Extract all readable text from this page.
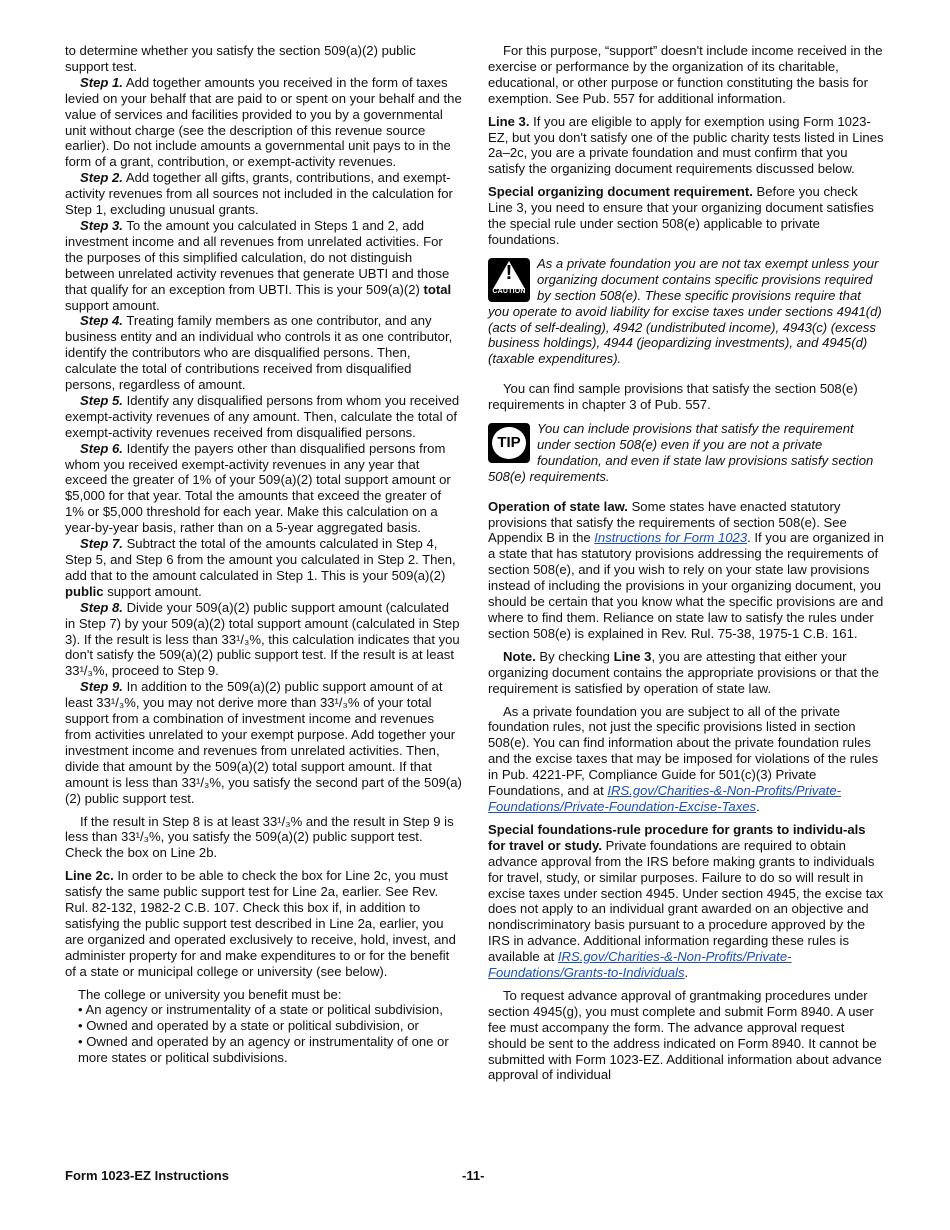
to determine whether you satisfy the section 509(a)(2) public support test.

Step 1. Add together amounts you received in the form of taxes levied on your behalf that are paid to or spent on your behalf and the value of services and facilities provided to you by a governmental unit without charge (see the description of this revenue source earlier). Do not include amounts a governmental unit pays to in the form of a grant, contribution, or exempt-activity revenues.

Step 2. Add together all gifts, grants, contributions, and exempt-activity revenues from all sources not included in the calculation for Step 1, excluding unusual grants.

Step 3. To the amount you calculated in Steps 1 and 2, add investment income and all revenues from unrelated activities. For the purposes of this simplified calculation, do not distinguish between unrelated activity revenues that generate UBTI and those that qualify for an exception from UBTI. This is your 509(a)(2) total support amount.

Step 4. Treating family members as one contributor, and any business entity and an individual who controls it as one contributor, identify the contributors who are disqualified persons. Then, calculate the total of contributions received from disqualified persons, regardless of amount.

Step 5. Identify any disqualified persons from whom you received exempt-activity revenues of any amount. Then, calculate the total of exempt-activity revenues received from disqualified persons.

Step 6. Identify the payers other than disqualified persons from whom you received exempt-activity revenues in any year that exceed the greater of 1% of your 509(a)(2) total support amount or $5,000 for that year. Total the amounts that exceed the greater of 1% or $5,000 threshold for each year. Make this calculation on a year-by-year basis, rather than on a 5-year aggregated basis.

Step 7. Subtract the total of the amounts calculated in Step 4, Step 5, and Step 6 from the amount you calculated in Step 2. Then, add that to the amount calculated in Step 1. This is your 509(a)(2) public support amount.

Step 8. Divide your 509(a)(2) public support amount (calculated in Step 7) by your 509(a)(2) total support amount (calculated in Step 3). If the result is less than 33¹/₃%, this calculation indicates that you don't satisfy the 509(a)(2) public support test. If the result is at least 33¹/₃%, proceed to Step 9.

Step 9. In addition to the 509(a)(2) public support amount of at least 33¹/₃%, you may not derive more than 33¹/₃% of your total support from a combination of investment income and revenues from activities unrelated to your exempt purpose. Add together your investment income and revenues from unrelated activities. Then, divide that amount by the 509(a)(2) total support amount. If that amount is less than 33¹/₃%, you satisfy the second part of the 509(a)(2) public support test.

If the result in Step 8 is at least 33¹/₃% and the result in Step 9 is less than 33¹/₃%, you satisfy the 509(a)(2) public support test. Check the box on Line 2b.

Line 2c. In order to be able to check the box for Line 2c, you must satisfy the same public support test for Line 2a, earlier. See Rev. Rul. 82-132, 1982-2 C.B. 107. Check this box if, in addition to satisfying the public support test described in Line 2a, earlier, you are organized and operated exclusively to receive, hold, invest, and administer property for and make expenditures to or for the benefit of a state or municipal college or university (see below).

The college or university you benefit must be:

• An agency or instrumentality of a state or political subdivision,

• Owned and operated by a state or political subdivision, or

• Owned and operated by an agency or instrumentality of one or more states or political subdivisions.

For this purpose, “support” doesn't include income received in the exercise or performance by the organization of its charitable, educational, or other purpose or function constituting the basis for exemption. See Pub. 557 for additional information.

Line 3. If you are eligible to apply for exemption using Form 1023-EZ, but you don't satisfy one of the public charity tests listed in Lines 2a–2c, you are a private foundation and must confirm that you satisfy the organizing document requirements discussed below.

Special organizing document requirement. Before you check Line 3, you need to ensure that your organizing document satisfies the special rule under section 508(e) applicable to private foundations.

!
CAUTION
As a private foundation you are not tax exempt unless your organizing document contains specific provisions required by section 508(e). These specific provisions require that you operate to avoid liability for excise taxes under sections 4941(d) (acts of self-dealing), 4942 (undistributed income), 4943(c) (excess business holdings), 4944 (jeopardizing investments), and 4945(d) (taxable expenditures).

You can find sample provisions that satisfy the section 508(e) requirements in chapter 3 of Pub. 557.

TIP
You can include provisions that satisfy the requirement under section 508(e) even if you are not a private foundation, and even if state law provisions satisfy section 508(e) requirements.

Operation of state law. Some states have enacted statutory provisions that satisfy the requirements of section 508(e). See Appendix B in the Instructions for Form 1023. If you are organized in a state that has statutory provisions addressing the requirements of section 508(e), and if you wish to rely on your state law provisions instead of including the provisions in your organizing document, you should be certain that you know what the specific provisions are and where to find them. Reliance on state law to satisfy the rules under section 508(e) is explained in Rev. Rul. 75-38, 1975-1 C.B. 161.

Note. By checking Line 3, you are attesting that either your organizing document contains the appropriate provisions or that the requirement is satisfied by operation of state law.

As a private foundation you are subject to all of the private foundation rules, not just the specific provisions listed in section 508(e). You can find information about the private foundation rules and the excise taxes that may be imposed for violations of the rules in Pub. 4221-PF, Compliance Guide for 501(c)(3) Private Foundations, and at IRS.gov/Charities-&-Non-Profits/Private-Foundations/Private-Foundation-Excise-Taxes.

Special foundations-rule procedure for grants to individu-als for travel or study. Private foundations are required to obtain advance approval from the IRS before making grants to individuals for travel, study, or similar purposes. Failure to do so will result in excise taxes under section 4945. Under section 4945, the excise tax does not apply to an individual grant awarded on an objective and nondiscriminatory basis pursuant to a procedure approved by the IRS in advance. Additional information regarding these rules is available at IRS.gov/Charities-&-Non-Profits/Private-Foundations/Grants-to-Individuals.

To request advance approval of grantmaking procedures under section 4945(g), you must complete and submit Form 8940. A user fee must accompany the form. The advance approval request should be sent to the address indicated on Form 8940. It cannot be submitted with Form 1023-EZ. Additional information about advance approval of individual

Form 1023-EZ Instructions	-11-
